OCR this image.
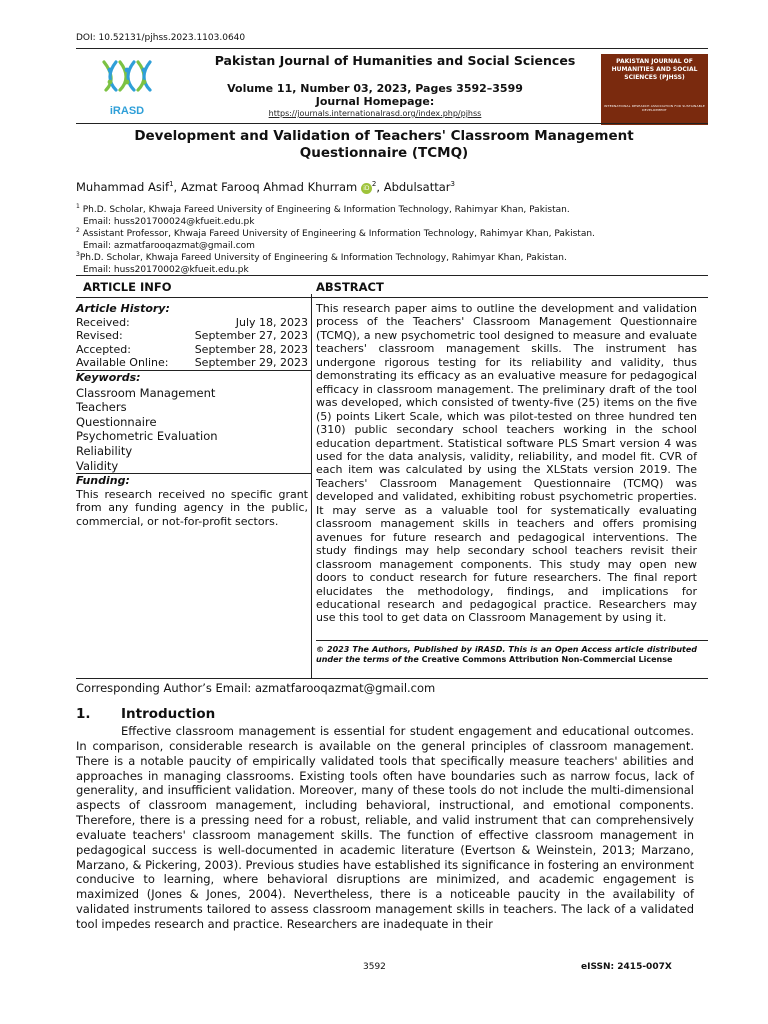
DOI: 10.52131/pjhss.2023.1103.0640
iRASD
Pakistan Journal of Humanities and Social Sciences
Volume 11, Number 03, 2023, Pages 3592–3599
Journal Homepage:
https://journals.internationalrasd.org/index.php/pjhss
PAKISTAN JOURNAL OF HUMANITIES AND SOCIAL SCIENCES (PJHSS)
INTERNATIONAL RESEARCH ASSOCIATION FOR SUSTAINABLE DEVELOPMENT
Development and Validation of Teachers' Classroom Management Questionnaire (TCMQ)
Muhammad Asif$^1$, Azmat Farooq Ahmad Khurram $iD^2$, Abdulsattar$^3$
$^1$ Ph.D. Scholar, Khwaja Fareed University of Engineering & Information Technology, Rahimyar Khan, Pakistan.
Email: huss201700024@kfueit.edu.pk
$^2$ Assistant Professor, Khwaja Fareed University of Engineering & Information Technology, Rahimyar Khan, Pakistan.
Email: azmatfarooqazmat@gmail.com
$^3$Ph.D. Scholar, Khwaja Fareed University of Engineering & Information Technology, Rahimyar Khan, Pakistan.
Email: huss20170002@kfueit.edu.pk
ARTICLE INFO	ABSTRACT
Article History:
Received:	July 18, 2023
Revised:	September 27, 2023
Accepted:	September 28, 2023
Available Online: September 29, 2023
Keywords:
Classroom Management
Teachers
Questionnaire
Psychometric Evaluation
Reliability
Validity
Funding:
This research received no specific grant from any funding agency in the public, commercial, or not-for-profit sectors.
This research paper aims to outline the development and validation process of the Teachers' Classroom Management Questionnaire (TCMQ), a new psychometric tool designed to measure and evaluate teachers' classroom management skills. The instrument has undergone rigorous testing for its reliability and validity, thus demonstrating its efficacy as an evaluative measure for pedagogical efficacy in classroom management. The preliminary draft of the tool was developed, which consisted of twenty-five (25) items on the five (5) points Likert Scale, which was pilot-tested on three hundred ten (310) public secondary school teachers working in the school education department. Statistical software PLS Smart version 4 was used for the data analysis, validity, reliability, and model fit. CVR of each item was calculated by using the XLStats version 2019. The Teachers' Classroom Management Questionnaire (TCMQ) was developed and validated, exhibiting robust psychometric properties. It may serve as a valuable tool for systematically evaluating classroom management skills in teachers and offers promising avenues for future research and pedagogical interventions. The study findings may help secondary school teachers revisit their classroom management components. This study may open new doors to conduct research for future researchers. The final report elucidates the methodology, findings, and implications for educational research and pedagogical practice. Researchers may use this tool to get data on Classroom Management by using it.
© 2023 The Authors, Published by iRASD. This is an Open Access article distributed under the terms of the Creative Commons Attribution Non-Commercial License
Corresponding Author’s Email: azmatfarooqazmat@gmail.com
1. Introduction
Effective classroom management is essential for student engagement and educational outcomes. In comparison, considerable research is available on the general principles of classroom management. There is a notable paucity of empirically validated tools that specifically measure teachers' abilities and approaches in managing classrooms. Existing tools often have boundaries such as narrow focus, lack of generality, and insufficient validation. Moreover, many of these tools do not include the multi-dimensional aspects of classroom management, including behavioral, instructional, and emotional components. Therefore, there is a pressing need for a robust, reliable, and valid instrument that can comprehensively evaluate teachers' classroom management skills. The function of effective classroom management in pedagogical success is well-documented in academic literature (Evertson & Weinstein, 2013; Marzano, Marzano, & Pickering, 2003). Previous studies have established its significance in fostering an environment conducive to learning, where behavioral disruptions are minimized, and academic engagement is maximized (Jones & Jones, 2004). Nevertheless, there is a noticeable paucity in the availability of validated instruments tailored to assess classroom management skills in teachers. The lack of a validated tool impedes research and practice. Researchers are inadequate in their
3592	eISSN: 2415-007X
